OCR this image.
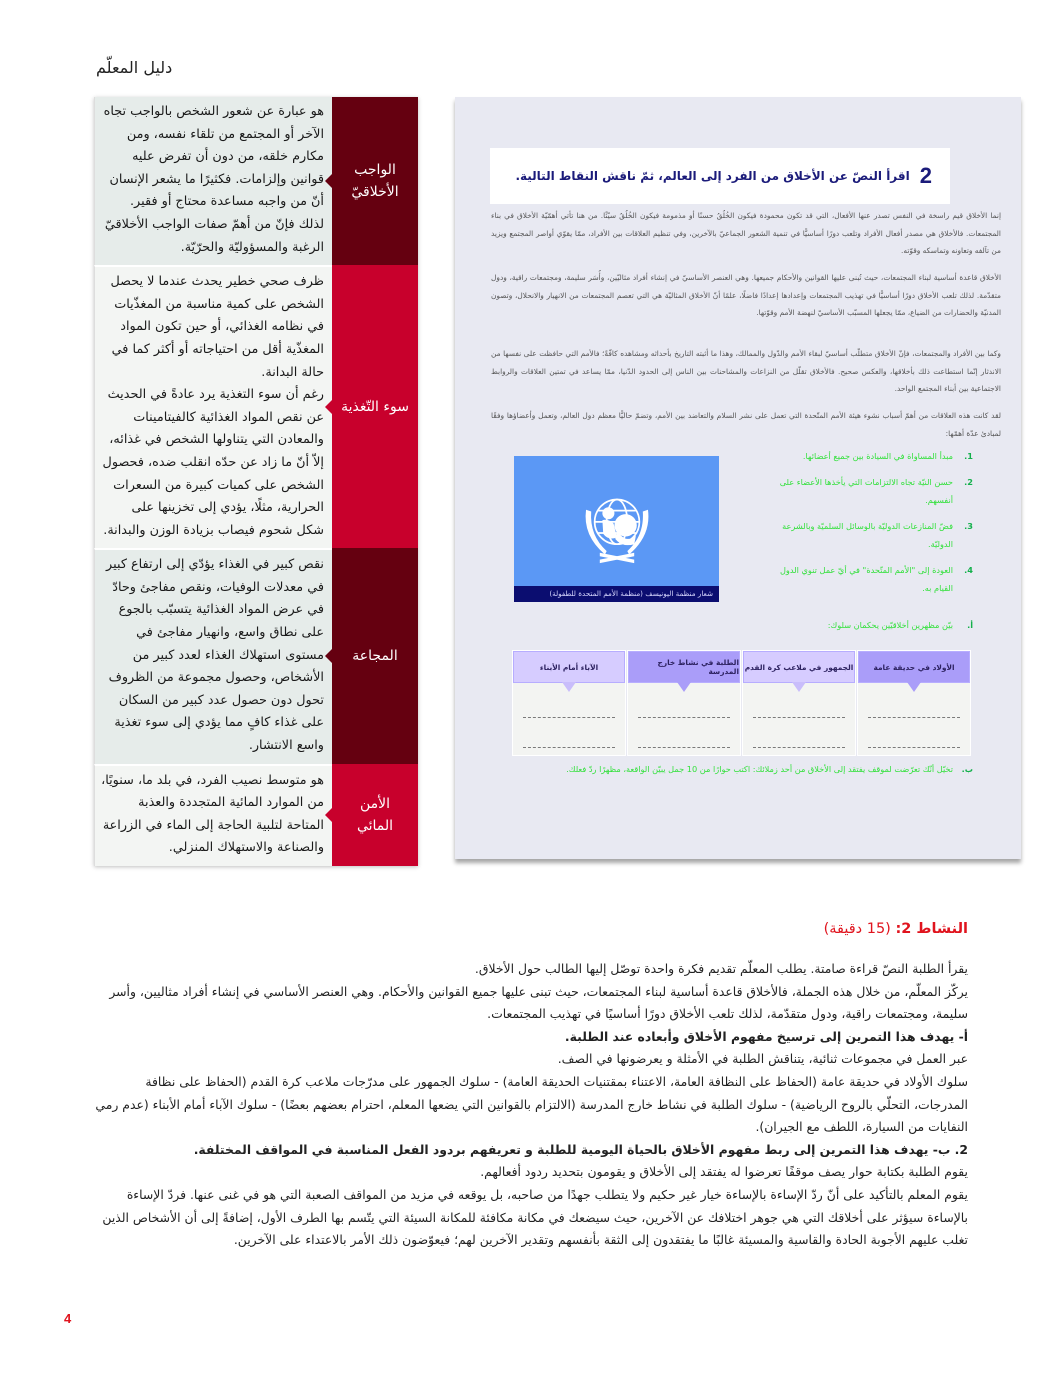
دليل المعلّم
الواجب الأخلاقيّ
هو عبارة عن شعور الشخص بالواجب تجاه الآخر أو المجتمع من تلقاء نفسه، ومن مكارم خلقه، من دون أن تفرض عليه قوانين وإلزامات. فكثيرًا ما يشعر الإنسان أنّ من واجبه مساعدة محتاج أو فقير. لذلك فإنّ من أهمّ صفات الواجب الأخلاقيّ الرغبة والمسؤوليّة والحرّيّة.
سوء التّغذية
ظرف صحي خطير يحدث عندما لا يحصل الشخص على كمية مناسبة من المغذّيات في نظامه الغذائي، أو حين تكون المواد المغذّية أقل من احتياجاته أو أكثر كما في حالة البدانة.
رغم أن سوء التغذية يرد عادةً في الحديث عن نقص المواد الغذائية كالفيتامينات والمعادن التي يتناولها الشخص في غذائه، إلاّ أنّ ما زاد عن حدّه انقلب ضده، فحصول الشخص على كميات كبيرة من السعرات الحرارية، مثلًا، يؤدي إلى تخزينها على شكل شحوم فيصاب بزيادة الوزن والبدانة.
المجاعة
نقص كبير في الغذاء يؤدّي إلى ارتفاع كبير في معدلات الوفيات، ونقص مفاجئ وحادّ في عرض المواد الغذائية يتسبّب بالجوع على نطاق واسع، وانهيار مفاجئ في مستوى استهلاك الغذاء لعدد كبير من الأشخاص، وحصول مجموعة من الظروف تحول دون حصول عدد كبير من السكان على غذاء كافٍ مما يؤدي إلى سوء تغذية واسع الانتشار.
الأمن المائي
هو متوسط نصيب الفرد، في بلد ما، سنويًا، من الموارد المائية المتجددة والعذبة المتاحة لتلبية الحاجة إلى الماء في الزراعة والصناعة والاستهلاك المنزلي.
2
اقرأ النصّ عن الأخلاق من الفرد إلى العالم، ثمّ ناقش النقاط التالية.

إنما الأخلاق قيم راسخة في النفس تصدر عنها الأفعال، التي قد تكون محمودة فيكون الخُلُقُ حسنًا أو مذمومة فيكون الخُلُقُ سيّئًا. من هنا تأتي أهمّيّة الأخلاق في بناء المجتمعات. فالأخلاق هي مصدر أفعال الأفراد وتلعب دورًا أساسيًّا في تنمية الشعور الجماعيّ بالآخرين، وفي تنظيم العلاقات بين الأفراد، ممّا يقوّي أواصر المجتمع ويزيد من تآلفه وتعاونه وتماسكه وقوّته.

الأخلاق قاعدة أساسية لبناء المجتمعات، حيث تُبنى عليها القوانين والأحكام جميعها. وهي العنصر الأساسيّ في إنشاء أفراد مثاليّين، وأُسَر سليمة، ومجتمعات راقية، ودول متقدّمة. لذلك تلعب الأخلاق دورًا أساسيًّا في تهذيب المجتمعات وإعدادها إعدادًا فاضلًا، علمًا أنّ الأخلاق المثاليّة هي التي تعصم المجتمعات من الانهيار والانحلال، وتصون المدنيّة والحضارات من الضياع، ممّا يجعلها المسبّب الأساسيّ لنهضة الأمم وقوّتها.

وكما بين الأفراد والمجتمعات، فإنّ الأخلاق متطلّب أساسيّ لبقاء الأمم والدّول والممالك، وهذا ما أثبته التاريخ بأحداثه ومشاهده كافّةً؛ فالأمم التي حافظت على نفسها من الاندثار إنّما استطاعت ذلك بأخلاقها، والعكس صحيح. فالأخلاق تقلّل من النزاعات والمشاحنات بين الناس إلى الحدود الدّنيا، ممّا يساعد في تمتين العلاقات والروابط الاجتماعية بين أبناء المجتمع الواحد.

لقد كانت هذه العلاقات من أهمّ أسباب نشوء هيئة الأمم المتّحدة التي تعمل على نشر السلام والتعاضد بين الأمم، وتضمّ حاليًّا معظم دول العالم، وتعمل وأعضاؤها وفقًا لمبادئ عدّة أهمّها:

1.
مبدأ المساواة في السيادة بين جميع أعضائها.
2.
حسن النيّة تجاه الالتزامات التي يأخذها الأعضاء على أنفسهم.
3.
فضّ المنازعات الدوليّة بالوسائل السلميّة وبالشرعة الدوليّة.
4.
العودة إلى "الأمم المتّحدة" في أيّ عمل تنوي الدول القيام به.
شعار منظمة اليونيسف (منظمة الأمم المتحدة للطفولة)
أ.
بيّن مظهرين أخلاقيّين يحكمان سلوك:
الأولاد في حديقة عامة
الجمهور في ملاعب كرة القدم
الطلبة في نشاط خارج المدرسة
الآباء أمام الأبناء
ب.
تخيّل أنّك تعرّضت لموقف يفتقد إلى الأخلاق من أحد زملائك: اكتب حوارًا من 10 جمل يبيّن الواقعة، مظهرًا ردّ فعلك.
النشاط 2: (15 دقيقة)

يقرأ الطلبة النصّ قراءة صامتة. يطلب المعلّم تقديم فكرة واحدة توصّل إليها الطالب حول الأخلاق.

يركّز المعلّم، من خلال هذه الجملة، فالأخلاق قاعدة أساسية لبناء المجتمعات، حيث تبنى عليها جميع القوانين والأحكام. وهي العنصر الأساسي في إنشاء أفراد مثاليين، وأسر سليمة، ومجتمعات راقية، ودول متقدّمة، لذلك تلعب الأخلاق دورًا أساسيًا في تهذيب المجتمعات.

أ- يهدف هذا التمرين إلى ترسيخ مفهوم الأخلاق وأبعاده عند الطلبة.

عبر العمل في مجموعات ثنائية، يتناقش الطلبة في الأمثلة و يعرضونها في الصف.

سلوك الأولاد في حديقة عامة (الحفاظ على النظافة العامة، الاعتناء بمقتنيات الحديقة العامة) - سلوك الجمهور على مدرّجات ملاعب كرة القدم (الحفاظ على نظافة المدرجات، التحلّي بالروح الرياضية) - سلوك الطلبة في نشاط خارج المدرسة (الالتزام بالقوانين التي يضعها المعلم، احترام بعضهم بعضًا) - سلوك الآباء أمام الأبناء (عدم رمي النفايات من السيارة، اللطف مع الجيران).

2. ب- يهدف هذا التمرين إلى ربط مفهوم الأخلاق بالحياة اليومية للطلبة و تعريفهم بردود الفعل المناسبة في المواقف المختلفة.

يقوم الطلبة بكتابة حوار يصف موقفًا تعرضوا له يفتقد إلى الأخلاق و يقومون بتحديد ردود أفعالهم.

يقوم المعلم بالتأكيد على أنّ ردّ الإساءة بالإساءة خيار غير حكيم ولا يتطلب جهدًا من صاحبه، بل يوقعه في مزيد من المواقف الصعبة التي هو في غنى عنها. فردّ الإساءة بالإساءة سيؤثر على أخلاقك التي هي جوهر اختلافك عن الآخرين، حيث سيضعك في مكانة مكافئة للمكانة السيئة التي يتّسم بها الطرف الأول، إضافةً إلى أن الأشخاص الذين تغلب عليهم الأجوبة الحادة والقاسية والمسيئة غالبًا ما يفتقدون إلى الثقة بأنفسهم وتقدير الآخرين لهم؛ فيعوّضون ذلك الأمر بالاعتداء على الآخرين.

4
